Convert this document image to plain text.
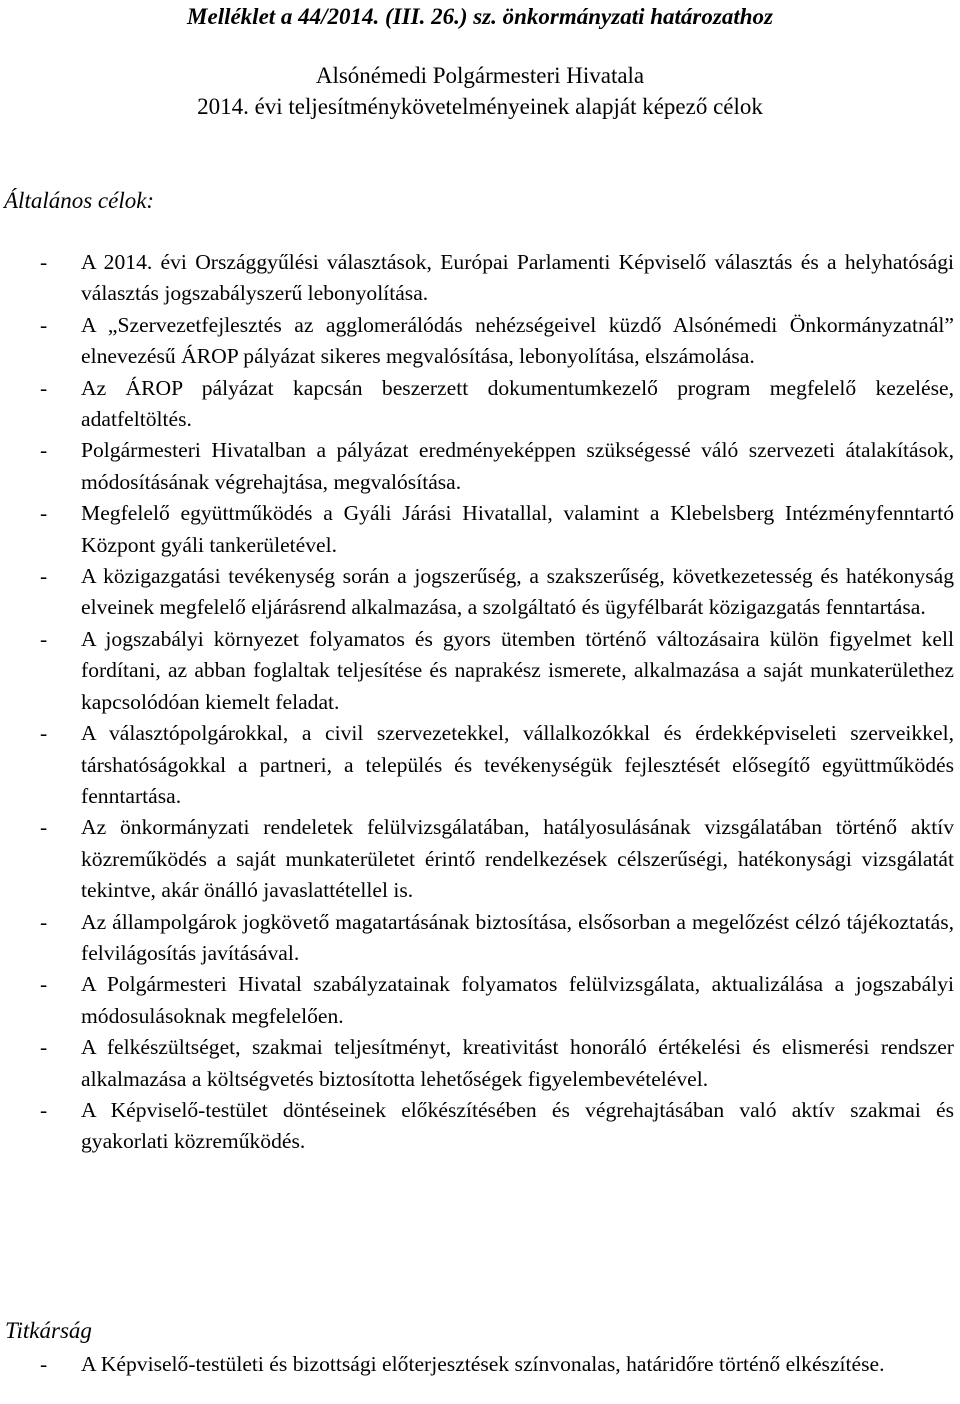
Melléklet a 44/2014. (III. 26.) sz. önkormányzati határozathoz
Alsónémedi Polgármesteri Hivatala
2014. évi teljesítménykövetelményeinek alapját képező célok
Általános célok:
- A 2014. évi Országgyűlési választások, Európai Parlamenti Képviselő választás és a helyhatósági választás jogszabályszerű lebonyolítása.
- A „Szervezetfejlesztés az agglomerálódás nehézségeivel küzdő Alsónémedi Önkormányzatnál” elnevezésű ÁROP pályázat sikeres megvalósítása, lebonyolítása, elszámolása.
- Az ÁROP pályázat kapcsán beszerzett dokumentumkezelő program megfelelő kezelése, adatfeltöltés.
- Polgármesteri Hivatalban a pályázat eredményeképpen szükségessé váló szervezeti átalakítások, módosításának végrehajtása, megvalósítása.
- Megfelelő együttműködés a Gyáli Járási Hivatallal, valamint a Klebelsberg Intézményfenntartó Központ gyáli tankerületével.
- A közigazgatási tevékenység során a jogszerűség, a szakszerűség, következetesség és hatékonyság elveinek megfelelő eljárásrend alkalmazása, a szolgáltató és ügyfélbarát közigazgatás fenntartása.
- A jogszabályi környezet folyamatos és gyors ütemben történő változásaira külön figyelmet kell fordítani, az abban foglaltak teljesítése és naprakész ismerete, alkalmazása a saját munkaterülethez kapcsolódóan kiemelt feladat.
- A választópolgárokkal, a civil szervezetekkel, vállalkozókkal és érdekképviseleti szerveikkel, társhatóságokkal a partneri, a település és tevékenységük fejlesztését elősegítő együttműködés fenntartása.
- Az önkormányzati rendeletek felülvizsgálatában, hatályosulásának vizsgálatában történő aktív közreműködés a saját munkaterületet érintő rendelkezések célszerűségi, hatékonysági vizsgálatát tekintve, akár önálló javaslattétellel is.
- Az állampolgárok jogkövető magatartásának biztosítása, elsősorban a megelőzést célzó tájékoztatás, felvilágosítás javításával.
- A Polgármesteri Hivatal szabályzatainak folyamatos felülvizsgálata, aktualizálása a jogszabályi módosulásoknak megfelelően.
- A felkészültséget, szakmai teljesítményt, kreativitást honoráló értékelési és elismerési rendszer alkalmazása a költségvetés biztosította lehetőségek figyelembevételével.
- A Képviselő-testület döntéseinek előkészítésében és végrehajtásában való aktív szakmai és gyakorlati közreműködés.
Titkárság
- A Képviselő-testületi és bizottsági előterjesztések színvonalas, határidőre történő elkészítése.
